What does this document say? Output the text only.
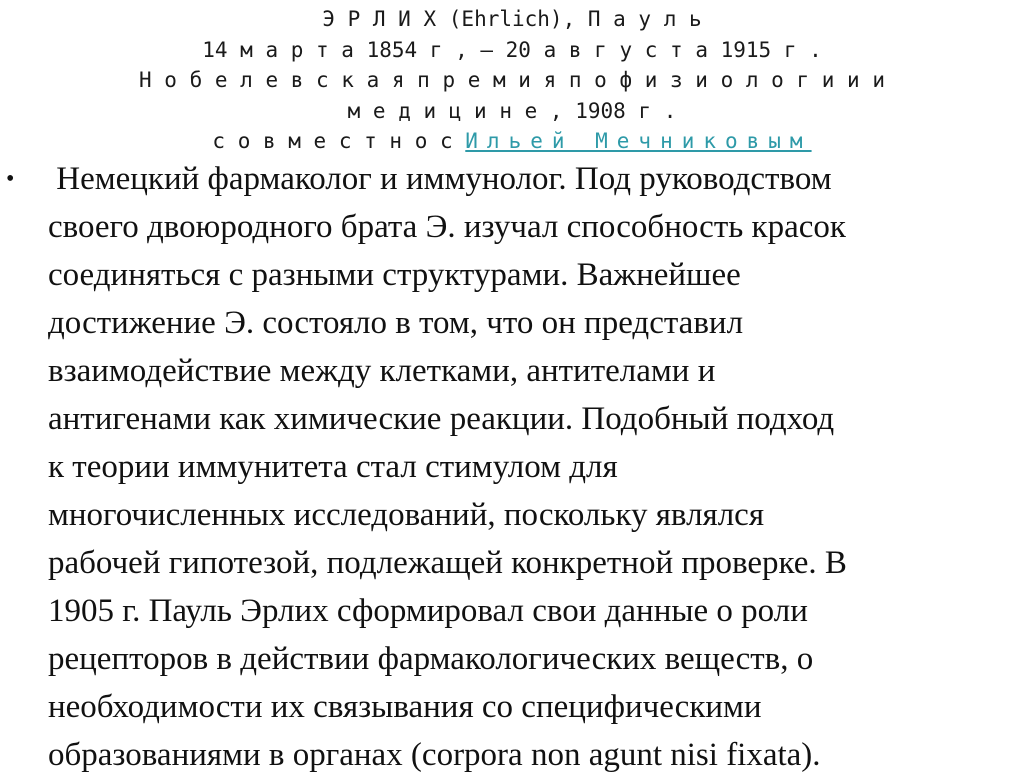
Э Р Л И Х (Ehrlich), П а у л ь
14 м а р т а 1854 г , – 20 а в г у с т а 1915 г .
Н о б е л е в с к а я п р е м и я п о ф и з и о л о г и и и
м е д и ц и н е , 1908 г .
с о в м е с т н о с Ильей Мечниковым
• Немецкий фармаколог и иммунолог. Под руководством
своего двоюродного брата Э. изучал способность красок
соединяться с разными структурами. Важнейшее
достижение Э. состояло в том, что он представил
взаимодействие между клетками, антителами и
антигенами как химические реакции. Подобный подход
к теории иммунитета стал стимулом для
многочисленных исследований, поскольку являлся
рабочей гипотезой, подлежащей конкретной проверке. В
1905 г. Пауль Эрлих сформировал свои данные о роли
рецепторов в действии фармакологических веществ, о
необходимости их связывания со специфическими
образованиями в органах (corpora non agunt nisi fixata).
